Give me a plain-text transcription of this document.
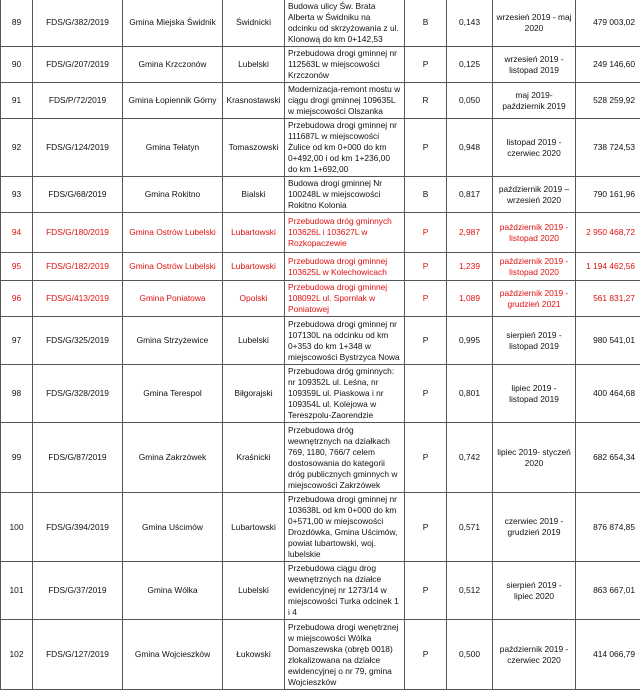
89	FDS/G/382/2019	Gmina Miejska Świdnik	Świdnicki	Budowa ulicy Św. Brata Alberta w Świdniku na odcinku od skrzyżowania z ul. Klonową do km 0+142,53	B	0,143	wrzesień 2019 - maj 2020	479 003,02
90	FDS/G/207/2019	Gmina Krzczonów	Lubelski	Przebudowa drogi gminnej nr 112563L w miejscowości Krzczonów	P	0,125	wrzesień 2019 - listopad 2019	249 146,60
91	FDS/P/72/2019	Gmina Łopiennik Górny	Krasnostawski	Modernizacja-remont mostu w ciągu drogi gminnej 109635L w miejscowości Olszanka	R	0,050	maj 2019- październik 2019	528 259,92
92	FDS/G/124/2019	Gmina Tełatyn	Tomaszowski	Przebudowa drogi gminnej nr 111687L w miejscowości Żulice od km 0+000 do km 0+492,00 i od km 1+236,00 do km 1+692,00	P	0,948	listopad 2019 - czerwiec 2020	738 724,53
93	FDS/G/68/2019	Gmina Rokitno	Bialski	Budowa drogi gminnej Nr 100248L w miejscowości Rokitno Kolonia	B	0,817	październik 2019 – wrzesień 2020	790 161,96
94	FDS/G/180/2019	Gmina Ostrów Lubelski	Lubartowski	Przebudowa dróg gminnych 103626L i 103627L w Rozkopaczewie	P	2,987	październik 2019 - listopad 2020	2 950 468,72
95	FDS/G/182/2019	Gmina Ostrów Lubelski	Lubartowski	Przebudowa drogi gminnej 103625L w Kolechowicach	P	1,239	październik 2019 - listopad 2020	1 194 462,56
96	FDS/G/413/2019	Gmina Poniatowa	Opolski	Przebudowa drogi gminnej 108092L ul. Spornlak w Poniatowej	P	1,089	październik 2019 - grudzień 2021	561 831,27
97	FDS/G/325/2019	Gmina Strzyżewice	Lubelski	Przebudowa drogi gminnej nr 107130L na odcinku od km 0+353 do km 1+348 w miejscowości Bystrzyca Nowa	P	0,995	sierpień 2019 - listopad 2019	980 541,01
98	FDS/G/328/2019	Gmina Terespol	Biłgorajski	Przebudowa dróg gminnych: nr 109352L ul. Leśna, nr 109359L ul. Piaskowa i nr 109354L ul. Kolejowa w Tereszpolu-Zaorendzie	P	0,801	lipiec 2019 - listopad 2019	400 464,68
99	FDS/G/87/2019	Gmina Zakrzówek	Kraśnicki	Przebudowa dróg wewnętrznych na działkach 769, 1180, 766/7 celem dostosowania do kategorii dróg publicznych gminnych w miejscowości Zakrzówek	P	0,742	lipiec 2019- styczeń 2020	682 654,34
100	FDS/G/394/2019	Gmina Uścimów	Lubartowski	Przebudowa drogi gminnej nr 103638L od km 0+000 do km 0+571,00 w miejscowości Drozdówka, Gmina Uścimów, powiat lubartowski, woj. lubelskie	P	0,571	czerwiec 2019 - grudzień 2019	876 874,85
101	FDS/G/37/2019	Gmina Wólka	Lubelski	Przebudowa ciągu drog wewnętrznych na działce ewidencyjnej nr 1273/14 w miejscowości Turka odcinek 1 i 4	P	0,512	sierpień 2019 - lipiec 2020	863 667,01
102	FDS/G/127/2019	Gmina Wojcieszków	Łukowski	Przebudowa drogi wenętrznej w miejscowości Wólka Domaszewska (obręb 0018) zlokalizowana na działce ewidencyjnej o nr 79, gmina Wojcieszków	P	0,500	październik 2019 - czerwiec 2020	414 066,79
